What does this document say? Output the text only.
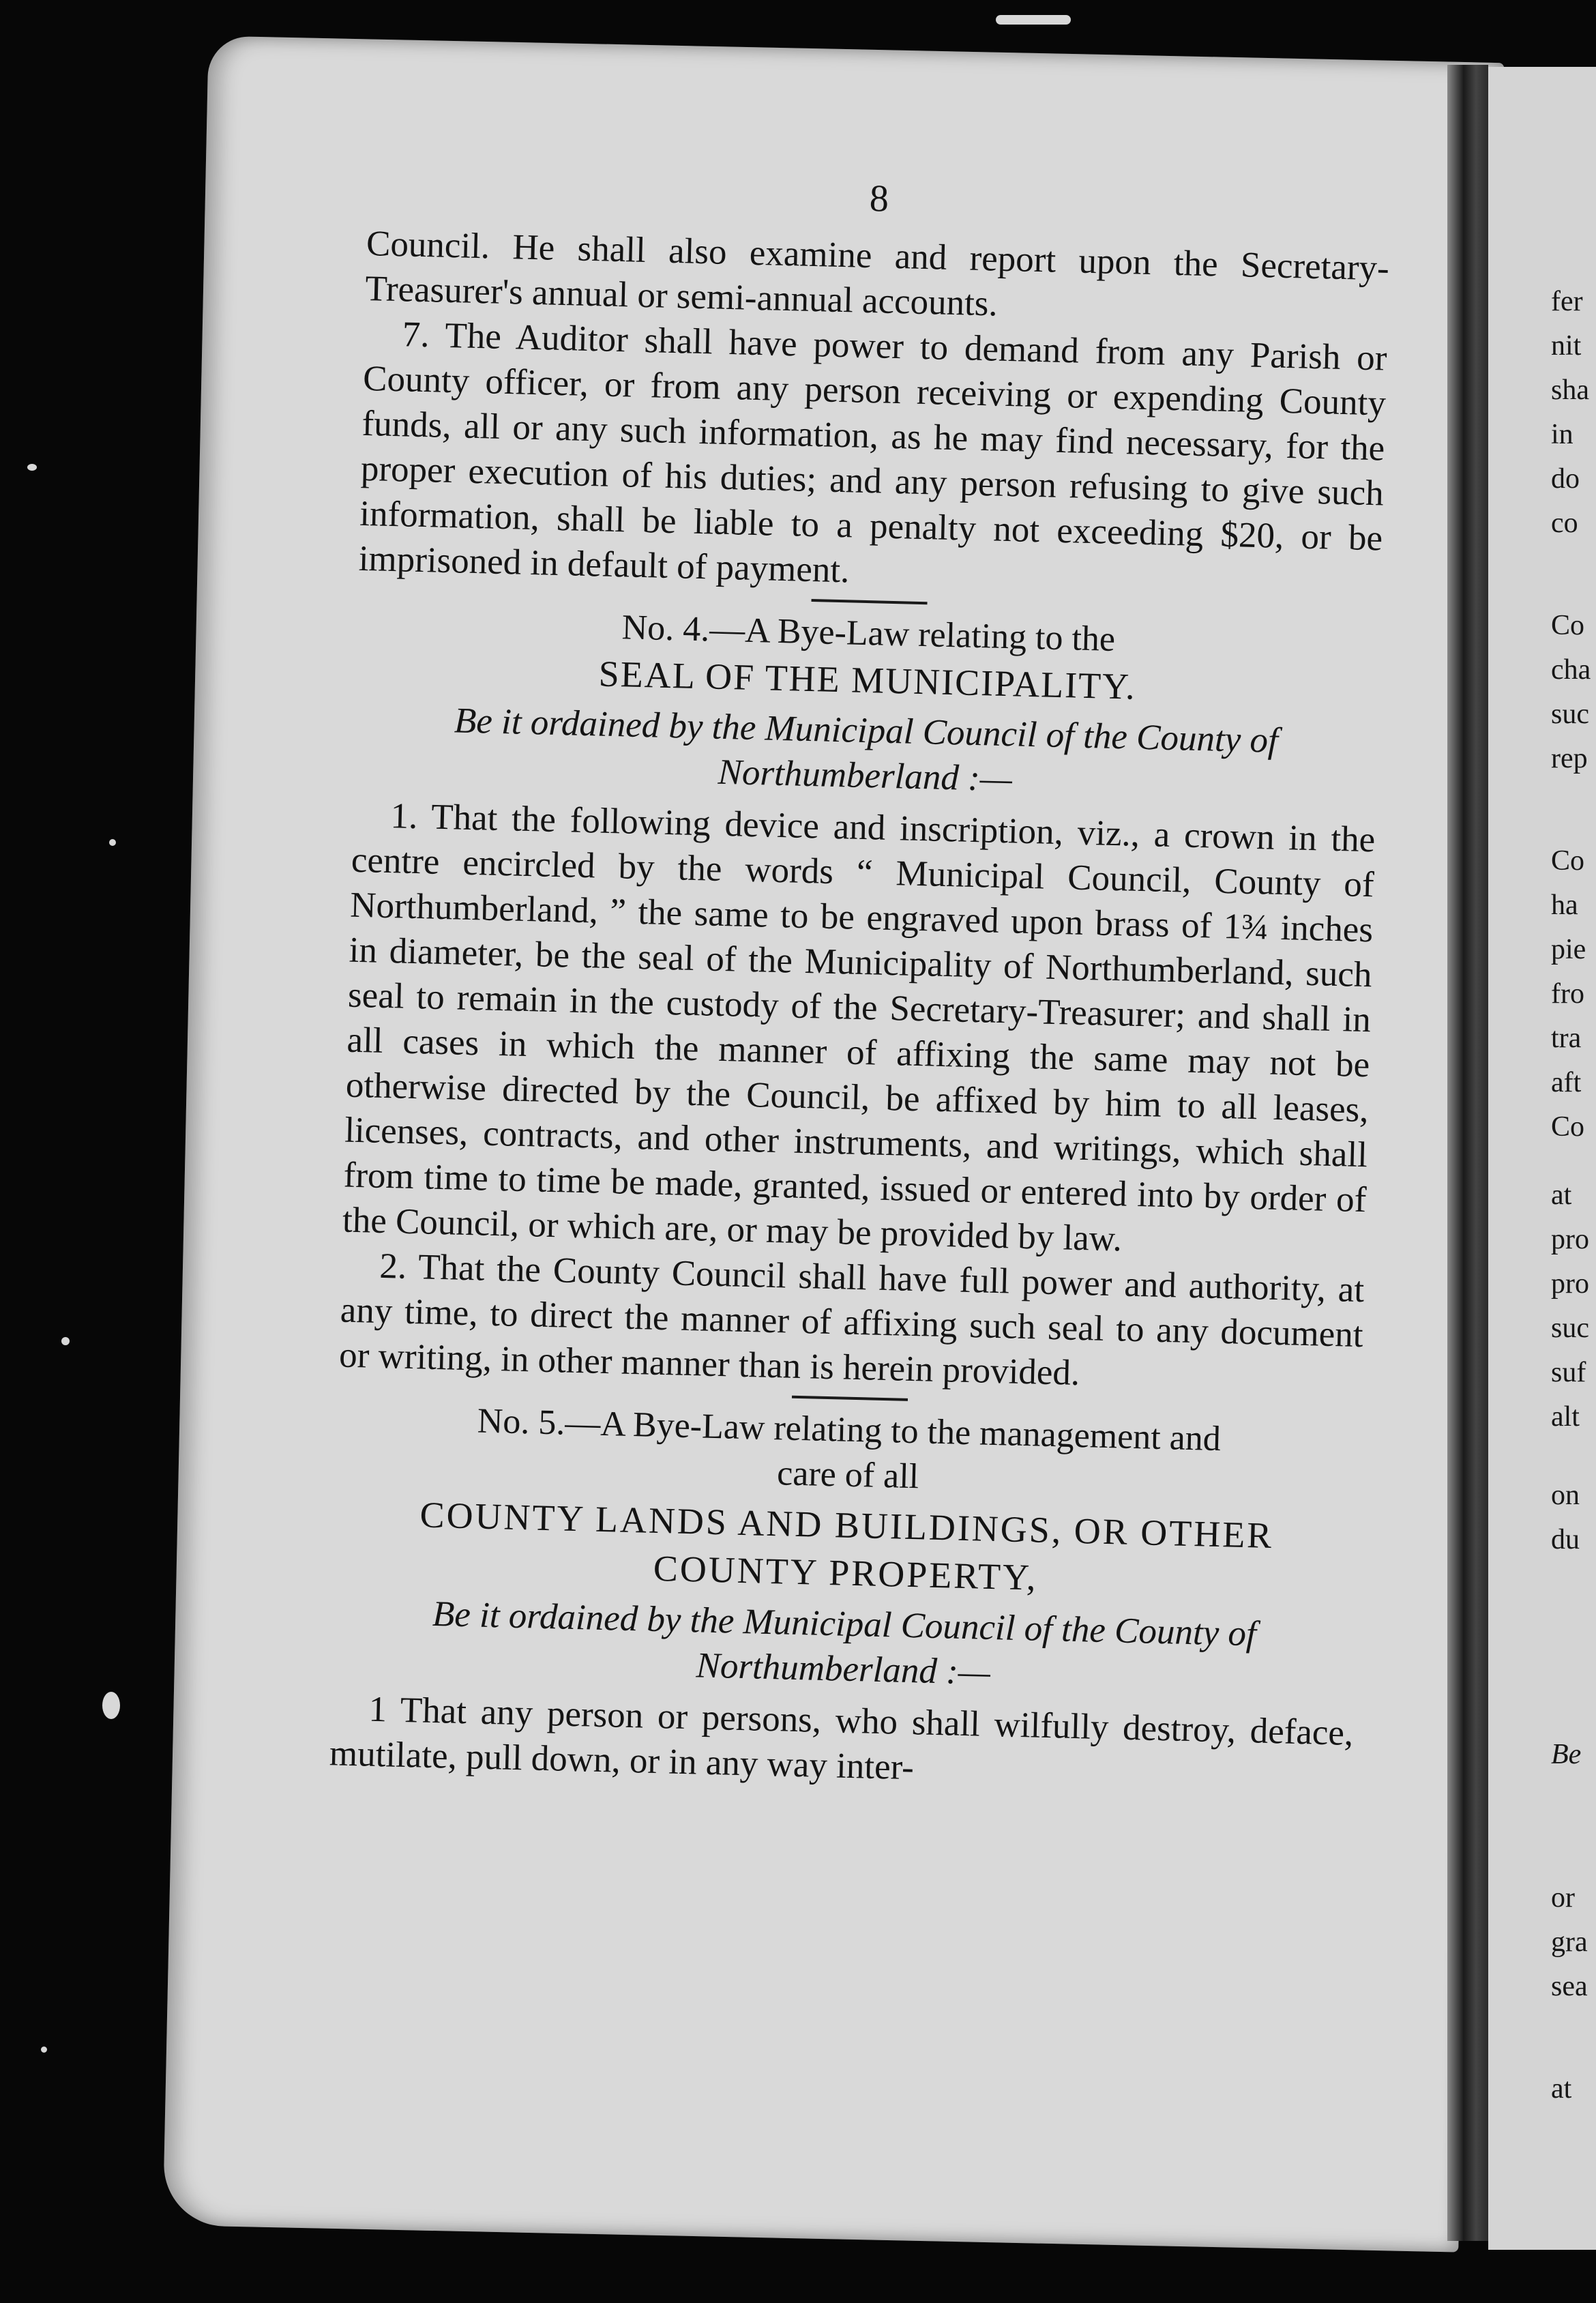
fer
nit
sha
in
do
co
Co
cha
suc
rep
Co
ha
pie
fro
tra
aft
Co
at
pro
pro
suc
suf
alt
on
du
Be
or
gra
sea
at
8

Council. He shall also examine and report upon the Secretary-Treasurer's annual or semi-annual accounts.

7. The Auditor shall have power to demand from any Parish or County officer, or from any person receiving or expending County funds, all or any such information, as he may find necessary, for the proper execution of his duties; and any person refusing to give such information, shall be liable to a penalty not exceeding $20, or be imprisoned in default of payment.

No. 4.—A Bye-Law relating to the
SEAL OF THE MUNICIPALITY.
Be it ordained by the Municipal Council of the County of Northumberland :—

1. That the following device and inscription, viz., a crown in the centre encircled by the words “ Municipal Council, County of Northumberland, ” the same to be engraved upon brass of 1¾ inches in diameter, be the seal of the Municipality of Northumberland, such seal to remain in the custody of the Secretary-Treasurer; and shall in all cases in which the manner of affixing the same may not be otherwise directed by the Council, be affixed by him to all leases, licenses, contracts, and other instruments, and writings, which shall from time to time be made, granted, issued or entered into by order of the Council, or which are, or may be provided by law.

2. That the County Council shall have full power and authority, at any time, to direct the manner of affixing such seal to any document or writing, in other manner than is herein provided.

No. 5.—A Bye-Law relating to the management and
care of all
COUNTY LANDS AND BUILDINGS, OR OTHER
COUNTY PROPERTY,
Be it ordained by the Municipal Council of the County of Northumberland :—

1 That any person or persons, who shall wilfully destroy, deface, mutilate, pull down, or in any way inter-
